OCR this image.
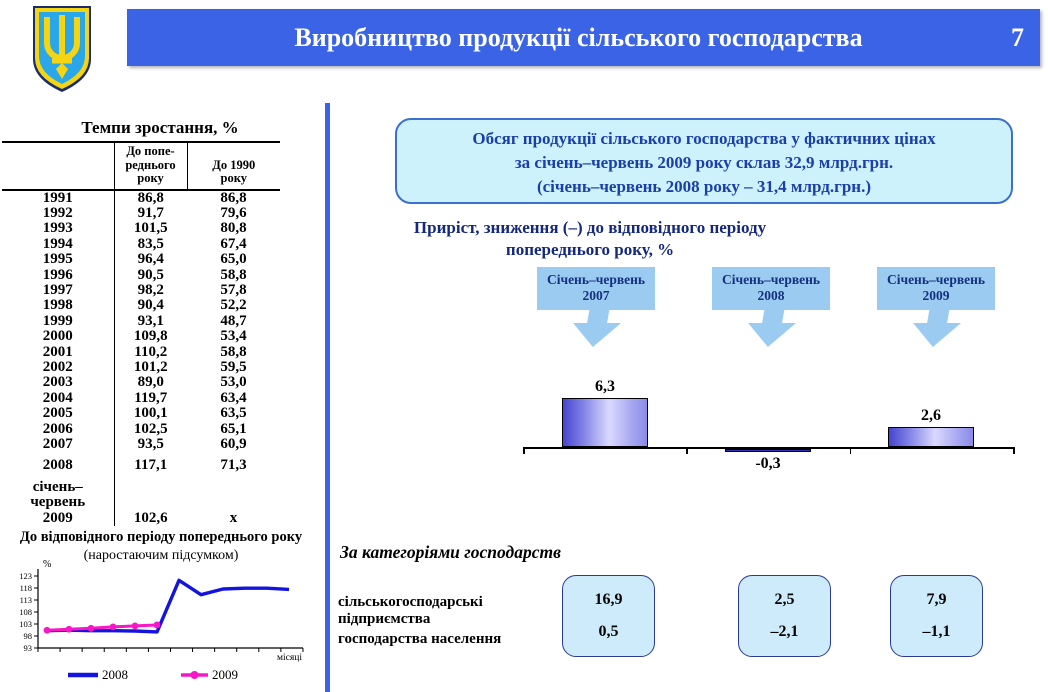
Виробництво продукції сільського господарства	7
Темпи зростання, %
	До попе-
реднього
року	До 1990
року
1991	86,8	86,8
1992	91,7	79,6
1993	101,5	80,8
1994	83,5	67,4
1995	96,4	65,0
1996	90,5	58,8
1997	98,2	57,8
1998	90,4	52,2
1999	93,1	48,7
2000	109,8	53,4
2001	110,2	58,8
2002	101,2	59,5
2003	89,0	53,0
2004	119,7	63,4
2005	100,1	63,5
2006	102,5	65,1
2007	93,5	60,9
2008	117,1	71,3
січень–
червень
2009	102,6	x
До відповідного періоду попереднього року
(наростаючим підсумком)
93
98
103
108
113
118
123
%
місяці
2008	2009
Обсяг продукції сільського господарства у фактичних цінах
за січень–червень 2009 року склав 32,9 млрд.грн.
(січень–червень 2008 року – 31,4 млрд.грн.)
Приріст, зниження (–) до відповідного періоду
попереднього року, %
Січень–червень
2007
Січень–червень
2008
Січень–червень
2009
6,3
-0,3
2,6
За категоріями господарств
сільськогосподарські підприємства
господарства населення
16,9
0,5
2,5
–2,1
7,9
–1,1
